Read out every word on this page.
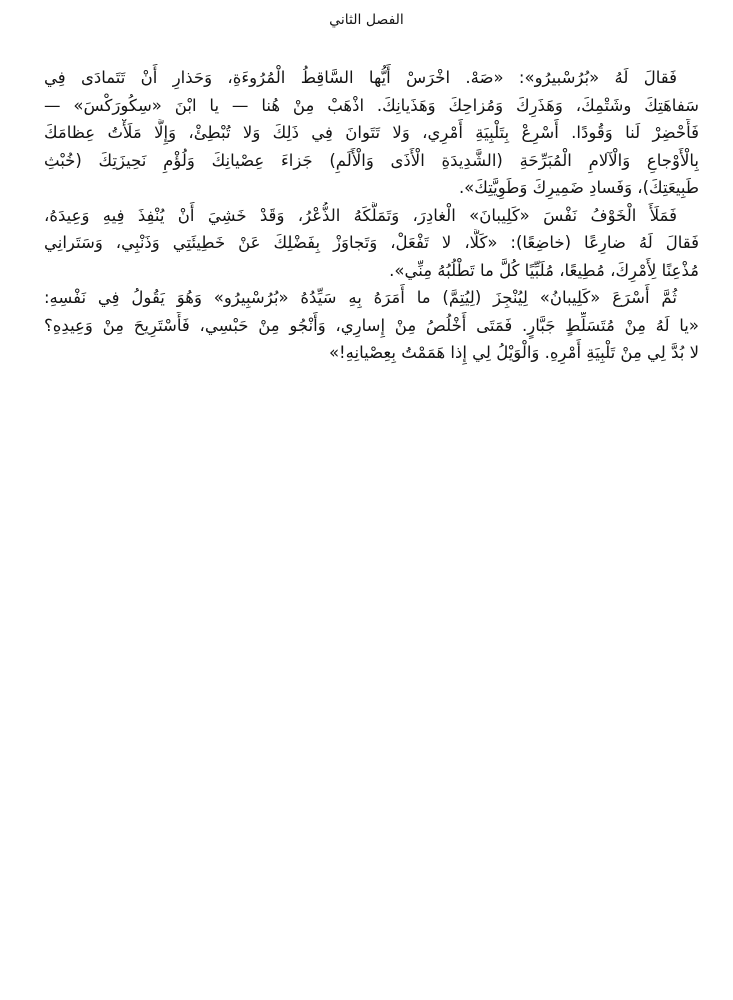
الفصل الثاني

فَقالَ لَهُ «بُرُسْبيرُو»: «صَهْ. اخْرَسْ أَيُّها السَّاقِطُ الْمُرُوءَةِ، وَحَذارِ أَنْ تَتَمادَى فِي
سَفاهَتِكَ وشَتْمِكَ، وَهَذَرِكَ وَمُزاحِكَ وَهَذَيانِكَ. اذْهَبْ مِنْ هُنا — يا ابْنَ «سِكُورَكْسَ» —
فَأَحْضِرْ لَنا وَقُودًا. أَسْرِعْ بِتَلْبِيَةِ أَمْرِي، وَلا تَتَوانَ فِي ذَلِكَ وَلا تُبْطِئْ، وَإِلَّا مَلَأْتُ عِظامَكَ
بِالْأَوْجاعِ وَالْآلامِ الْمُبَرِّحَةِ (الشَّدِيدَةِ الْأَذَى وَالْأَلَمِ) جَزاءَ عِصْيانِكَ وَلُؤْمِ نَحِيزَتِكَ (خُبْثِ
طَبِيعَتِكَ)، وَفَسادِ ضَمِيرِكَ وَطَوِيَّتِكَ».

فَمَلَأَ الْخَوْفُ نَفْسَ «كَلِيبانَ» الْغادِرَ، وَتَمَلَّكَهُ الذُّعْرُ، وَقَدْ خَشِيَ أَنْ يُنْفِذَ فِيهِ وَعِيدَهُ،
فَقالَ لَهُ ضارِعًا (خاضِعًا): «كَلَّا، لا تَفْعَلْ، وَتَجاوَزْ بِفَضْلِكَ عَنْ خَطِيئَتِي وَذَنْبِي، وَسَتَرانِي
مُذْعِنًا لِأَمْرِكَ، مُطِيعًا، مُلَبِّيًا كُلَّ ما تَطْلُبُهُ مِنِّي».

ثُمَّ أَسْرَعَ «كَلِيبانُ» لِيُنْجِزَ (لِيُتِمَّ) ما أَمَرَهُ بِهِ سَيِّدُهُ «بُرُسْبِيرُو» وَهُوَ يَقُولُ فِي نَفْسِهِ:
«يا لَهُ مِنْ مُتَسَلِّطٍ جَبَّارٍ. فَمَتَى أَخْلُصُ مِنْ إِسارِي، وَأَنْجُو مِنْ حَبْسِي، فَأَسْتَرِيحَ مِنْ وَعِيدِهِ؟
لا بُدَّ لِي مِنْ تَلْبِيَةِ أَمْرِهِ. وَالْوَيْلُ لِي إِذا هَمَمْتُ بِعِصْيانِهِ!»
